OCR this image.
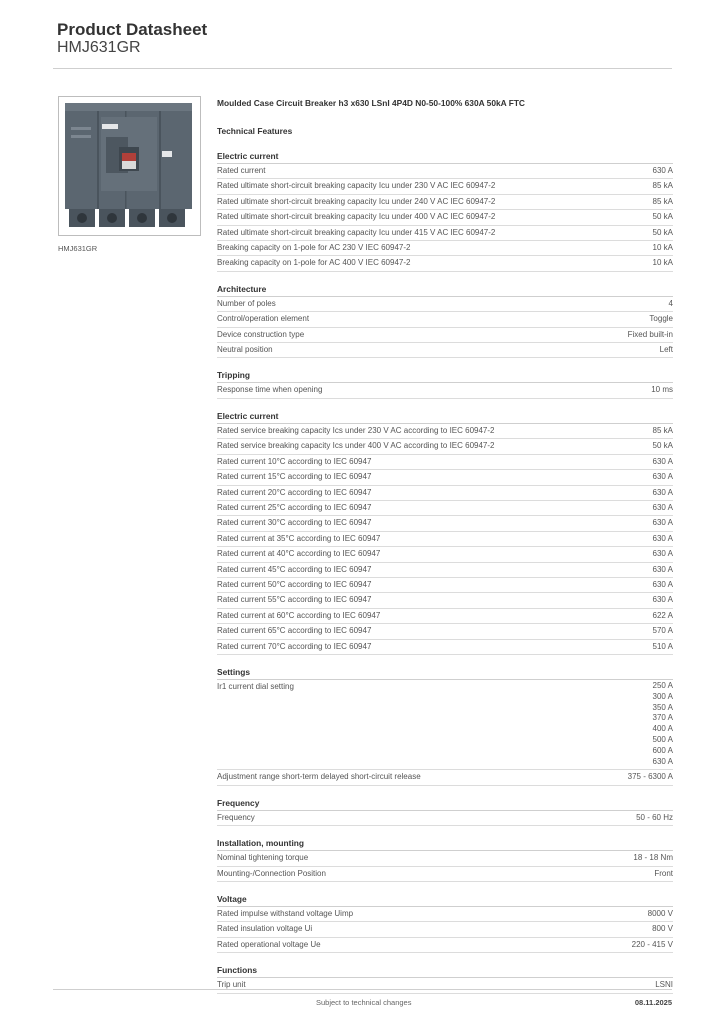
Product Datasheet
HMJ631GR
HMJ631GR
Moulded Case Circuit Breaker h3 x630 LSnI 4P4D N0-50-100% 630A 50kA FTC
Technical Features
Electric current
Rated current	630 A
Rated ultimate short-circuit breaking capacity Icu under 230 V AC IEC 60947-2	85 kA
Rated ultimate short-circuit breaking capacity Icu under 240 V AC IEC 60947-2	85 kA
Rated ultimate short-circuit breaking capacity Icu under 400 V AC IEC 60947-2	50 kA
Rated ultimate short-circuit breaking capacity Icu under 415 V AC IEC 60947-2	50 kA
Breaking capacity on 1-pole for AC 230 V IEC 60947-2	10 kA
Breaking capacity on 1-pole for AC 400 V IEC 60947-2	10 kA
Architecture
Number of poles	4
Control/operation element	Toggle
Device construction type	Fixed built-in
Neutral position	Left
Tripping
Response time when opening	10 ms
Electric current
Rated service breaking capacity Ics under 230 V AC according to IEC 60947-2	85 kA
Rated service breaking capacity Ics under 400 V AC according to IEC 60947-2	50 kA
Rated current 10°C according to IEC 60947	630 A
Rated current 15°C according to IEC 60947	630 A
Rated current 20°C according to IEC 60947	630 A
Rated current 25°C according to IEC 60947	630 A
Rated current 30°C according to IEC 60947	630 A
Rated current at 35°C according to IEC 60947	630 A
Rated current at 40°C according to IEC 60947	630 A
Rated current 45°C according to IEC 60947	630 A
Rated current 50°C according to IEC 60947	630 A
Rated current 55°C according to IEC 60947	630 A
Rated current at 60°C according to IEC 60947	622 A
Rated current 65°C according to IEC 60947	570 A
Rated current 70°C according to IEC 60947	510 A
Settings
Ir1 current dial setting	250 A
300 A
350 A
370 A
400 A
500 A
600 A
630 A
Adjustment range short-term delayed short-circuit release	375 - 6300 A
Frequency
Frequency	50 - 60 Hz
Installation, mounting
Nominal tightening torque	18 - 18 Nm
Mounting-/Connection Position	Front
Voltage
Rated impulse withstand voltage Uimp	8000 V
Rated insulation voltage Ui	800 V
Rated operational voltage Ue	220 - 415 V
Functions
Trip unit	LSNI
Subject to technical changes	08.11.2025
